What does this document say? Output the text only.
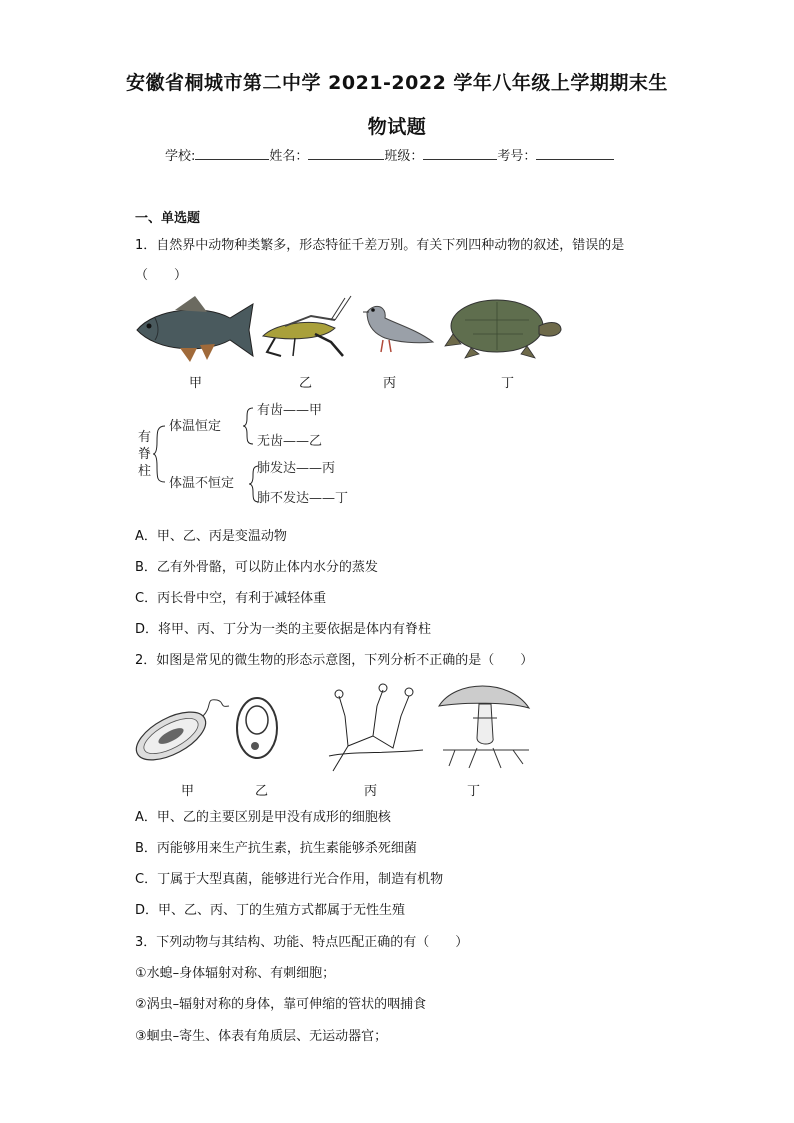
安徽省桐城市第二中学 2021-2022 学年八年级上学期期末生
物试题
学校:	姓名：	班级：	考号：
一、单选题
1．自然界中动物种类繁多，形态特征千差万别。有关下列四种动物的叙述，错误的是
（　　）
甲	乙	丙	丁
有
脊
柱
体温恒定
体温不恒定
有齿——甲
无齿——乙
肺发达——丙
肺不发达——丁
A．甲、乙、丙是变温动物
B．乙有外骨骼，可以防止体内水分的蒸发
C．丙长骨中空，有利于减轻体重
D．将甲、丙、丁分为一类的主要依据是体内有脊柱
2．如图是常见的微生物的形态示意图，下列分析不正确的是（　　）
甲	乙	丙	丁
A．甲、乙的主要区别是甲没有成形的细胞核
B．丙能够用来生产抗生素，抗生素能够杀死细菌
C．丁属于大型真菌，能够进行光合作用，制造有机物
D．甲、乙、丙、丁的生殖方式都属于无性生殖
3．下列动物与其结构、功能、特点匹配正确的有（　　）
①水螅–身体辐射对称、有刺细胞；
②涡虫–辐射对称的身体，靠可伸缩的管状的咽捕食
③蛔虫–寄生、体表有角质层、无运动器官；
